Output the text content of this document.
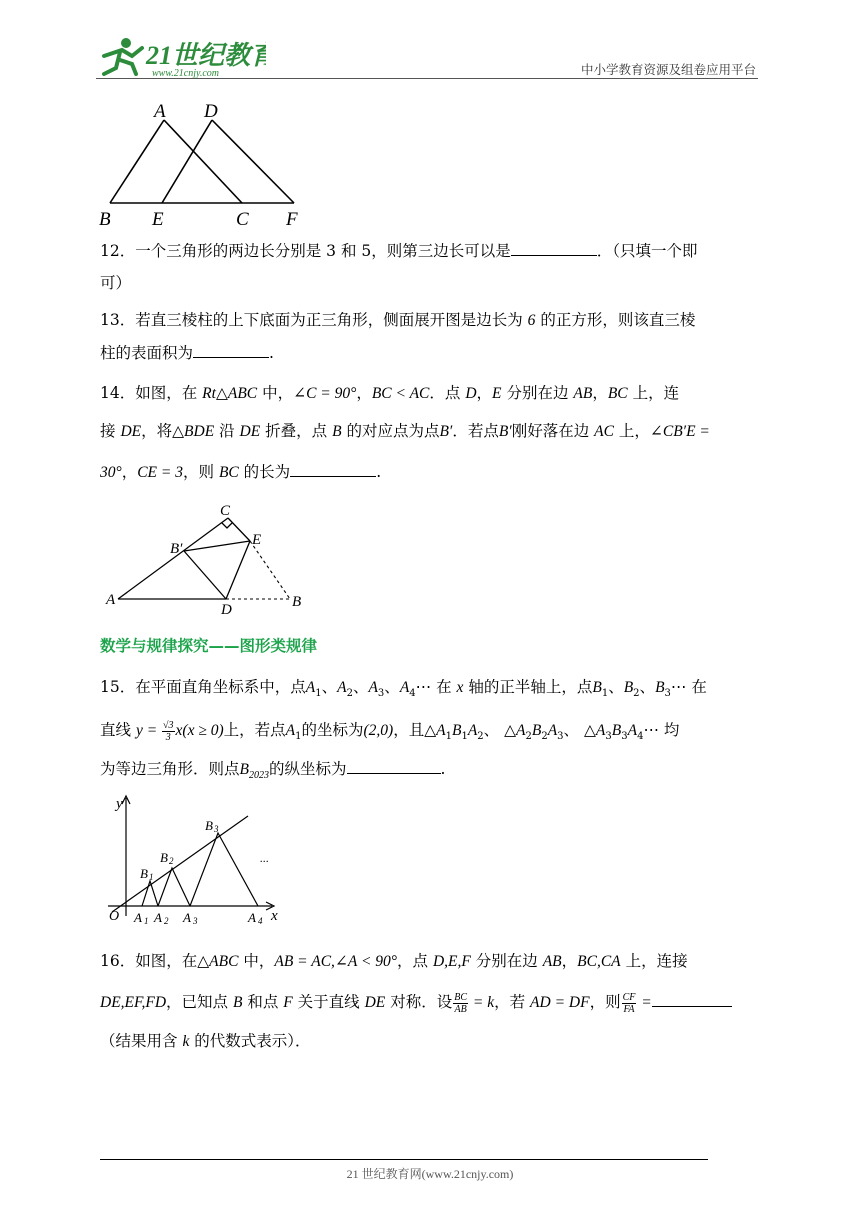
21世纪教育
www.21cnjy.com	中小学教育资源及组卷应用平台
A D
B E	C F
12．一个三角形的两边长分别是 3 和 5，则第三边长可以是	．（只填一个即
可）
13．若直三棱柱的上下底面为正三角形，侧面展开图是边长为 6 的正方形，则该直三棱
柱的表面积为	.
14．如图，在 Rt△ABC 中，∠C = 90°，BC < AC．点 D，E 分别在边 AB，BC 上，连
接 DE，将△BDE 沿 DE 折叠，点 B 的对应点为点B′．若点B′刚好落在边 AC 上，∠CB′E =
30°，CE = 3，则 BC 的长为	.
C
B′
E
A
D	B
数学与规律探究——图形类规律
15．在平面直角坐标系中，点$A_1$、$A_2$、$A_3$、$A_4\cdots$ 在 x 轴的正半轴上，点$B_1$、$B_2$、$B_3\cdots$ 在
直线 $y = \frac{√3}{3} x(x \ge 0)$上，若点$A_1$的坐标为(2,0)，且$\triangle A_1B_1A_2$、 $\triangle A_2B_2A_3$、 $\triangle A_3B_3A_4\cdots$ 均
为等边三角形．则点$B_{2023}$的纵坐标为	.
y
x
O
...
A 1 A 2 A 3	A 4
B 1
B 2
B 3
16．如图，在△ABC 中，AB = AC,∠A < 90°，点 D,E,F 分别在边 AB，BC,CA 上，连接
DE,EF,FD，已知点 B 和点 F 关于直线 DE 对称．设 $\frac{BC}{AB} = k$，若 AD = DF，则 $\frac{CF}{FA}$ =
（结果用含 k 的代数式表示）．
21 世纪教育网(www.21cnjy.com)
